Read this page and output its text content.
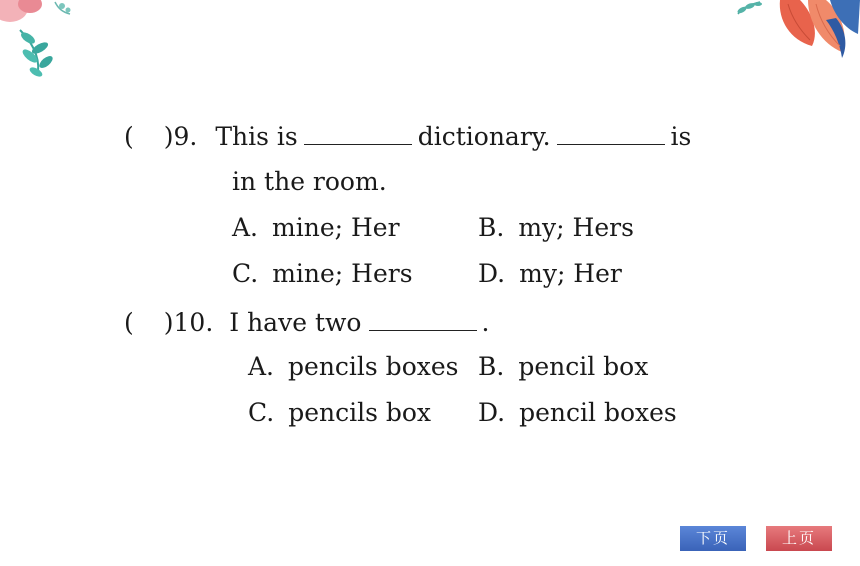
( )9. This is	dictionary.	is
in the room.
A. mine; Her	B. my; Hers
C. mine; Hers	D. my; Her
( )10. I have two	.
A. pencils boxes B. pencil box
C. pencils box D. pencil boxes
下页	上页
